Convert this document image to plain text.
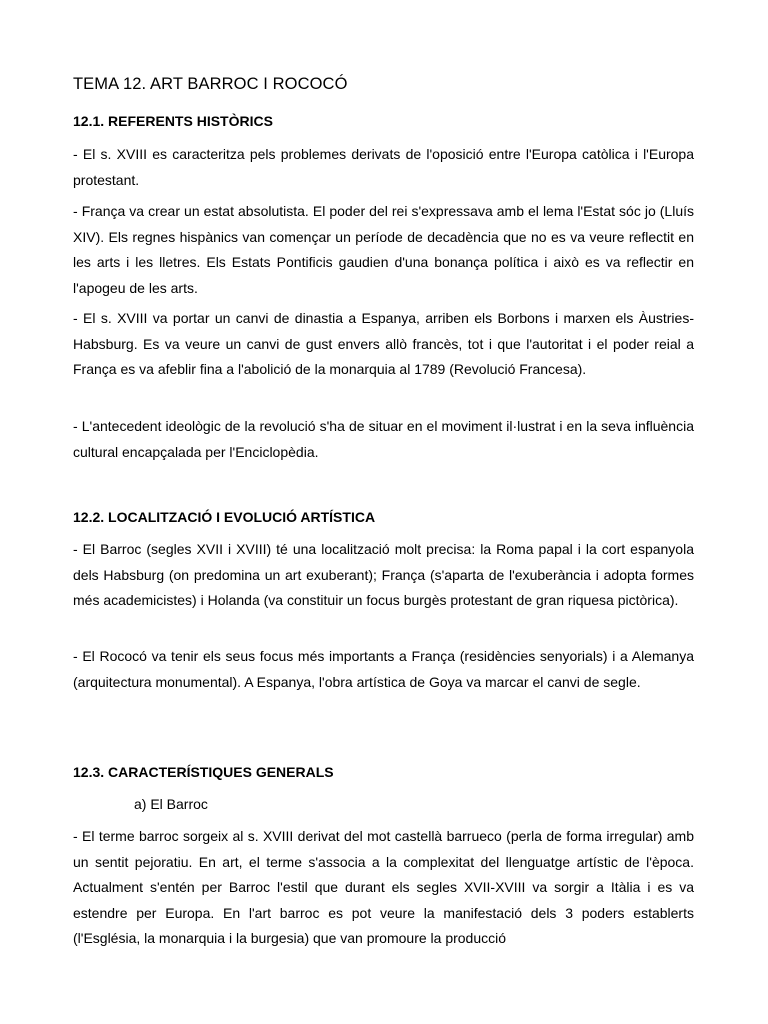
TEMA 12. ART BARROC I ROCOCÓ
12.1. REFERENTS HISTÒRICS

- El s. XVIII es caracteritza pels problemes derivats de l'oposició entre l'Europa catòlica i l'Europa protestant.

- França va crear un estat absolutista. El poder del rei s'expressava amb el lema l'Estat sóc jo (Lluís XIV). Els regnes hispànics van començar un període de decadència que no es va veure reflectit en les arts i les lletres. Els Estats Pontificis gaudien d'una bonança política i això es va reflectir en l'apogeu de les arts.

- El s. XVIII va portar un canvi de dinastia a Espanya, arriben els Borbons i marxen els Àustries-Habsburg. Es va veure un canvi de gust envers allò francès, tot i que l'autoritat i el poder reial a França es va afeblir fina a l'abolició de la monarquia al 1789 (Revolució Francesa).

- L'antecedent ideològic de la revolució s'ha de situar en el moviment il·lustrat i en la seva influència cultural encapçalada per l'Enciclopèdia.

12.2. LOCALITZACIÓ I EVOLUCIÓ ARTÍSTICA

- El Barroc (segles XVII i XVIII) té una localització molt precisa: la Roma papal i la cort espanyola dels Habsburg (on predomina un art exuberant); França (s'aparta de l'exuberància i adopta formes més academicistes) i Holanda (va constituir un focus burgès protestant de gran riquesa pictòrica).

- El Rococó va tenir els seus focus més importants a França (residències senyorials) i a Alemanya (arquitectura monumental). A Espanya, l'obra artística de Goya va marcar el canvi de segle.

12.3. CARACTERÍSTIQUES GENERALS

a) El Barroc

- El terme barroc sorgeix al s. XVIII derivat del mot castellà barrueco (perla de forma irregular) amb un sentit pejoratiu. En art, el terme s'associa a la complexitat del llenguatge artístic de l'època. Actualment s'entén per Barroc l'estil que durant els segles XVII-XVIII va sorgir a Itàlia i es va estendre per Europa. En l'art barroc es pot veure la manifestació dels 3 poders establerts (l'Església, la monarquia i la burgesia) que van promoure la producció
